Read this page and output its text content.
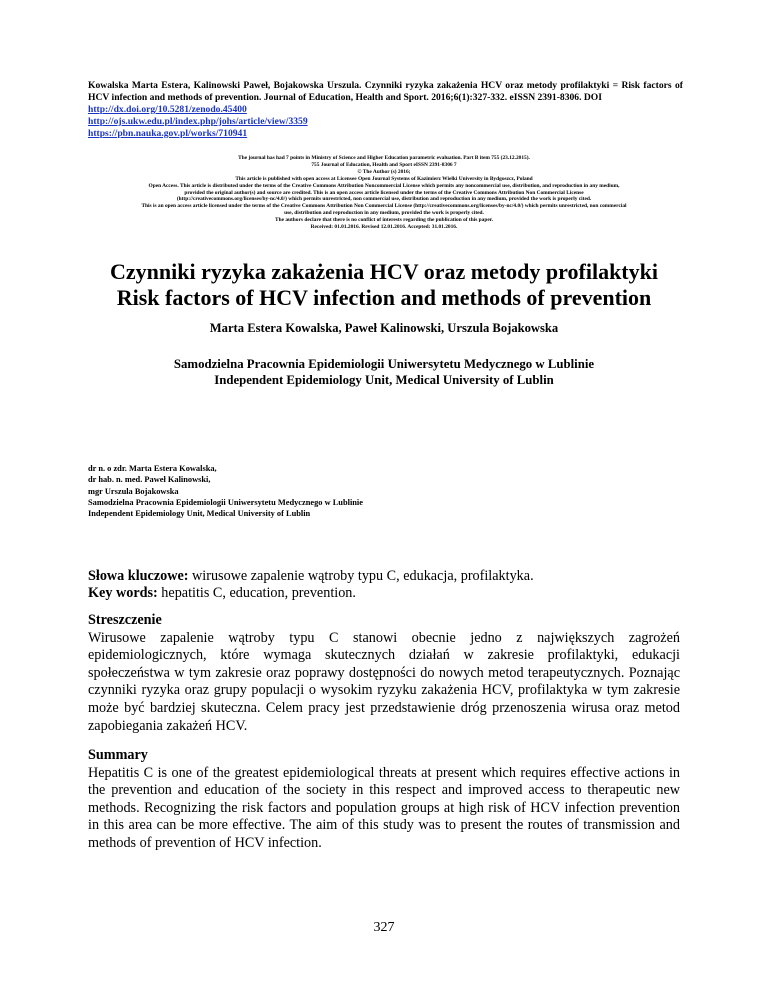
Kowalska Marta Estera, Kalinowski Paweł, Bojakowska Urszula. Czynniki ryzyka zakażenia HCV oraz metody profilaktyki = Risk factors of HCV infection and methods of prevention. Journal of Education, Health and Sport. 2016;6(1):327-332. eISSN 2391-8306. DOI
http://dx.doi.org/10.5281/zenodo.45400
http://ojs.ukw.edu.pl/index.php/johs/article/view/3359
https://pbn.nauka.gov.pl/works/710941
The journal has had 7 points in Ministry of Science and Higher Education parametric evaluation. Part B item 755 (23.12.2015).
755 Journal of Education, Health and Sport eISSN 2391-8306 7
© The Author (s) 2016;
This article is published with open access at Licensee Open Journal Systems of Kazimierz Wielki University in Bydgoszcz, Poland
Open Access. This article is distributed under the terms of the Creative Commons Attribution Noncommercial License which permits any noncommercial use, distribution, and reproduction in any medium,
provided the original author(s) and source are credited. This is an open access article licensed under the terms of the Creative Commons Attribution Non Commercial License
(http://creativecommons.org/licenses/by-nc/4.0/) which permits unrestricted, non commercial use, distribution and reproduction in any medium, provided the work is properly cited.
This is an open access article licensed under the terms of the Creative Commons Attribution Non Commercial License (http://creativecommons.org/licenses/by-nc/4.0/) which permits unrestricted, non commercial
use, distribution and reproduction in any medium, provided the work is properly cited.
The authors declare that there is no conflict of interests regarding the publication of this paper.
Received: 01.01.2016. Revised 12.01.2016. Accepted: 31.01.2016.
Czynniki ryzyka zakażenia HCV oraz metody profilaktyki
Risk factors of HCV infection and methods of prevention
Marta Estera Kowalska, Paweł Kalinowski, Urszula Bojakowska
Samodzielna Pracownia Epidemiologii Uniwersytetu Medycznego w Lublinie
Independent Epidemiology Unit, Medical University of Lublin
dr n. o zdr. Marta Estera Kowalska,
dr hab. n. med. Paweł Kalinowski,
mgr Urszula Bojakowska
Samodzielna Pracownia Epidemiologii Uniwersytetu Medycznego w Lublinie
Independent Epidemiology Unit, Medical University of Lublin
Słowa kluczowe: wirusowe zapalenie wątroby typu C, edukacja, profilaktyka.
Key words: hepatitis C, education, prevention.
Streszczenie
Wirusowe zapalenie wątroby typu C stanowi obecnie jedno z największych zagrożeń epidemiologicznych, które wymaga skutecznych działań w zakresie profilaktyki, edukacji społeczeństwa w tym zakresie oraz poprawy dostępności do nowych metod terapeutycznych. Poznając czynniki ryzyka oraz grupy populacji o wysokim ryzyku zakażenia HCV, profilaktyka w tym zakresie może być bardziej skuteczna. Celem pracy jest przedstawienie dróg przenoszenia wirusa oraz metod zapobiegania zakażeń HCV.
Summary
Hepatitis C is one of the greatest epidemiological threats at present which requires effective actions in the prevention and education of the society in this respect and improved access to therapeutic new methods. Recognizing the risk factors and population groups at high risk of HCV infection prevention in this area can be more effective. The aim of this study was to present the routes of transmission and methods of prevention of HCV infection.
327
